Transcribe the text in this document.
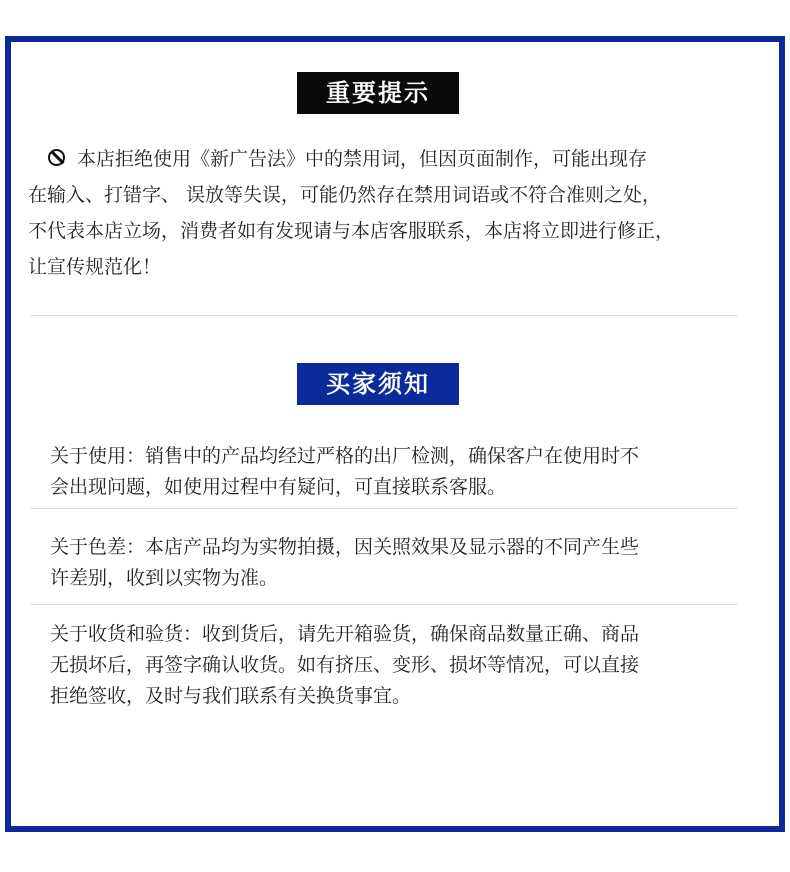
重要提示
本店拒绝使用《新广告法》中的禁用词，但因页面制作，可能出现存
在输入、打错字、 误放等失误，可能仍然存在禁用词语或不符合准则之处，
不代表本店立场，消费者如有发现请与本店客服联系，本店将立即进行修正，
让宣传规范化！
买家须知
关于使用：销售中的产品均经过严格的出厂检测，确保客户在使用时不
会出现问题，如使用过程中有疑问，可直接联系客服。
关于色差：本店产品均为实物拍摄，因关照效果及显示器的不同产生些
许差别，收到以实物为准。
关于收货和验货：收到货后，请先开箱验货，确保商品数量正确、商品
无损坏后，再签字确认收货。如有挤压、变形、损坏等情况，可以直接
拒绝签收，及时与我们联系有关换货事宜。
